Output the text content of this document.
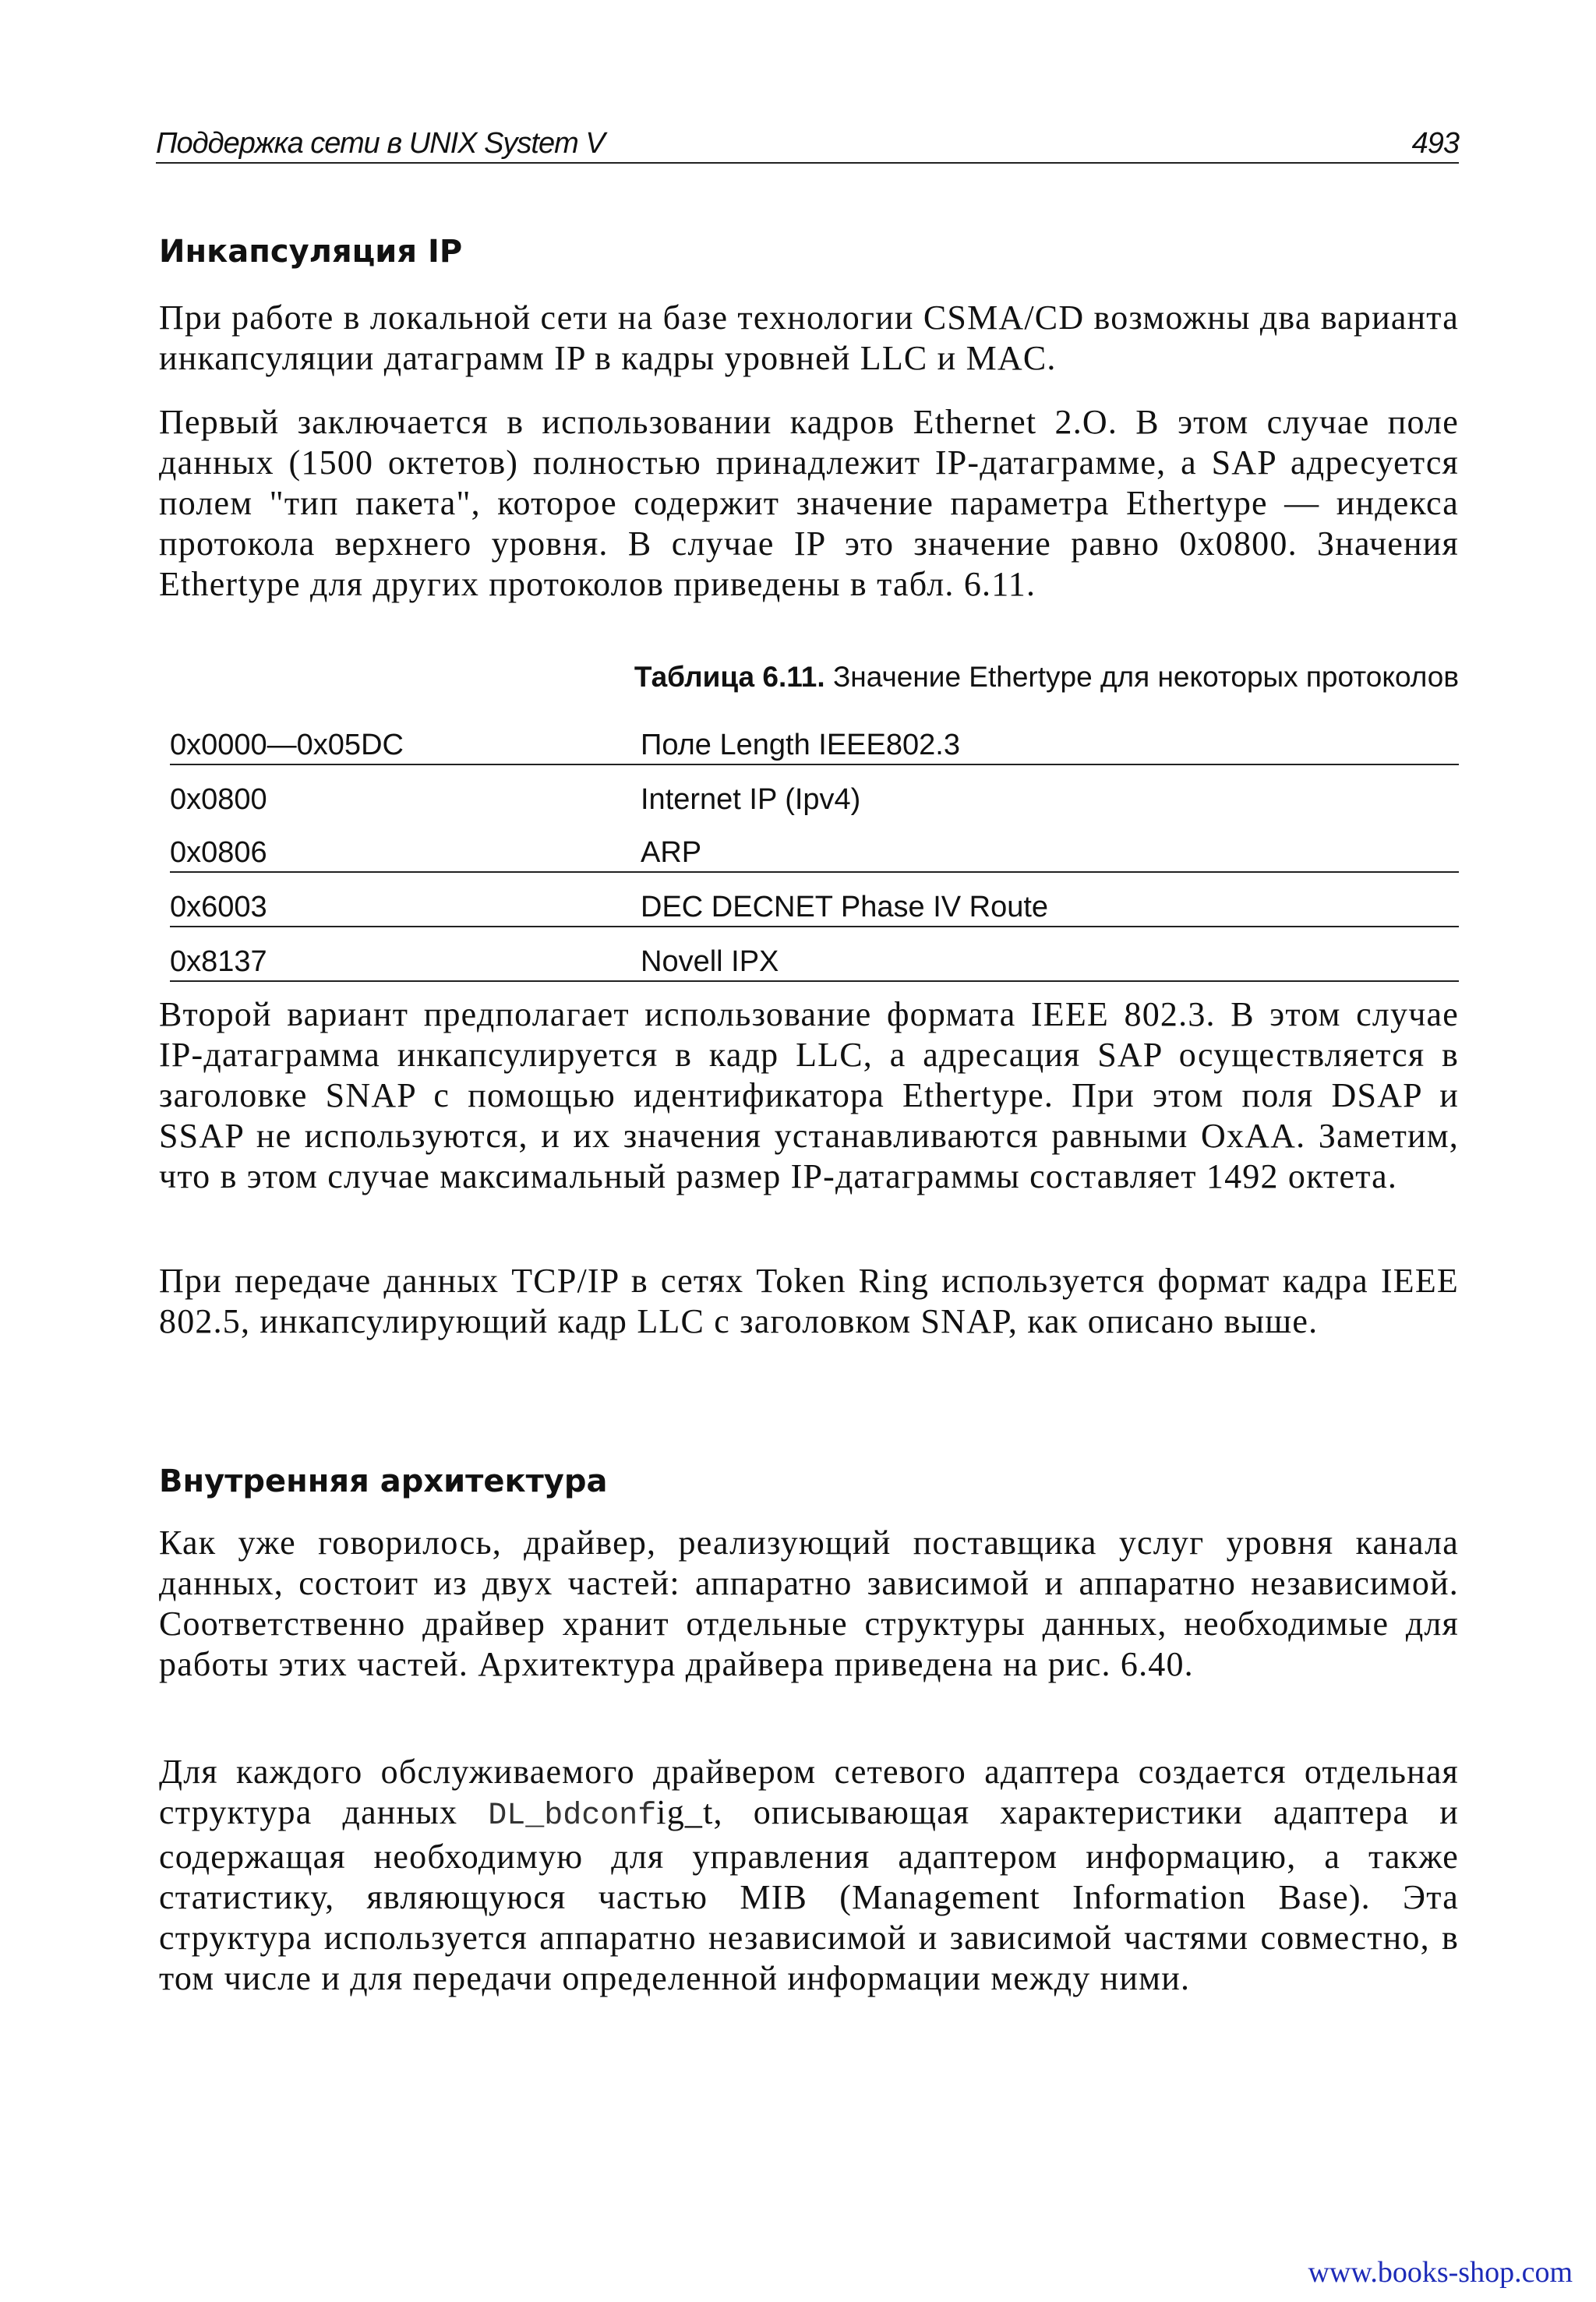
Поддержка сети в UNIX System V	493
Инкапсуляция IP

При работе в локальной сети на базе технологии CSMA/CD возможны два варианта инкапсуляции датаграмм IP в кадры уровней LLC и MAC.

Первый заключается в использовании кадров Ethernet 2.O. В этом случае поле данных (1500 октетов) полностью принадлежит IP-датаграмме, а SAP адресуется полем "тип пакета", которое содержит значение параметра Ethertype — индекса протокола верхнего уровня. В случае IP это значение равно 0x0800. Значения Ethertype для других протоколов приведены в табл. 6.11.

Таблица 6.11. Значение Ethertype для некоторых протоколов

0x0000—0x05DC	Поле Length IEEE802.3
0x0800	Internet IP (Ipv4)
0x0806	ARP
0x6003	DEC DECNET Phase IV Route
0x8137	Novell IPX

Второй вариант предполагает использование формата IEEE 802.3. В этом случае IP-датаграмма инкапсулируется в кадр LLC, а адресация SAP осуществляется в заголовке SNAP с помощью идентификатора Ethertype. При этом поля DSAP и SSAP не используются, и их значения устанавливаются равными OxAA. Заметим, что в этом случае максимальный размер IP-датаграммы составляет 1492 октета.

При передаче данных TCP/IP в сетях Token Ring используется формат кадра IEEE 802.5, инкапсулирующий кадр LLC с заголовком SNAP, как описано выше.

Внутренняя архитектура

Как уже говорилось, драйвер, реализующий поставщика услуг уровня канала данных, состоит из двух частей: аппаратно зависимой и аппаратно независимой. Соответственно драйвер хранит отдельные структуры данных, необходимые для работы этих частей. Архитектура драйвера приведена на рис. 6.40.

Для каждого обслуживаемого драйвером сетевого адаптера создается отдельная структура данных DL_bdconfig_t, описывающая характеристики адаптера и содержащая необходимую для управления адаптером информацию, а также статистику, являющуюся частью MIB (Management Information Base). Эта структура используется аппаратно независимой и зависимой частями совместно, в том числе и для передачи определенной информации между ними.

www.books-shop.com
